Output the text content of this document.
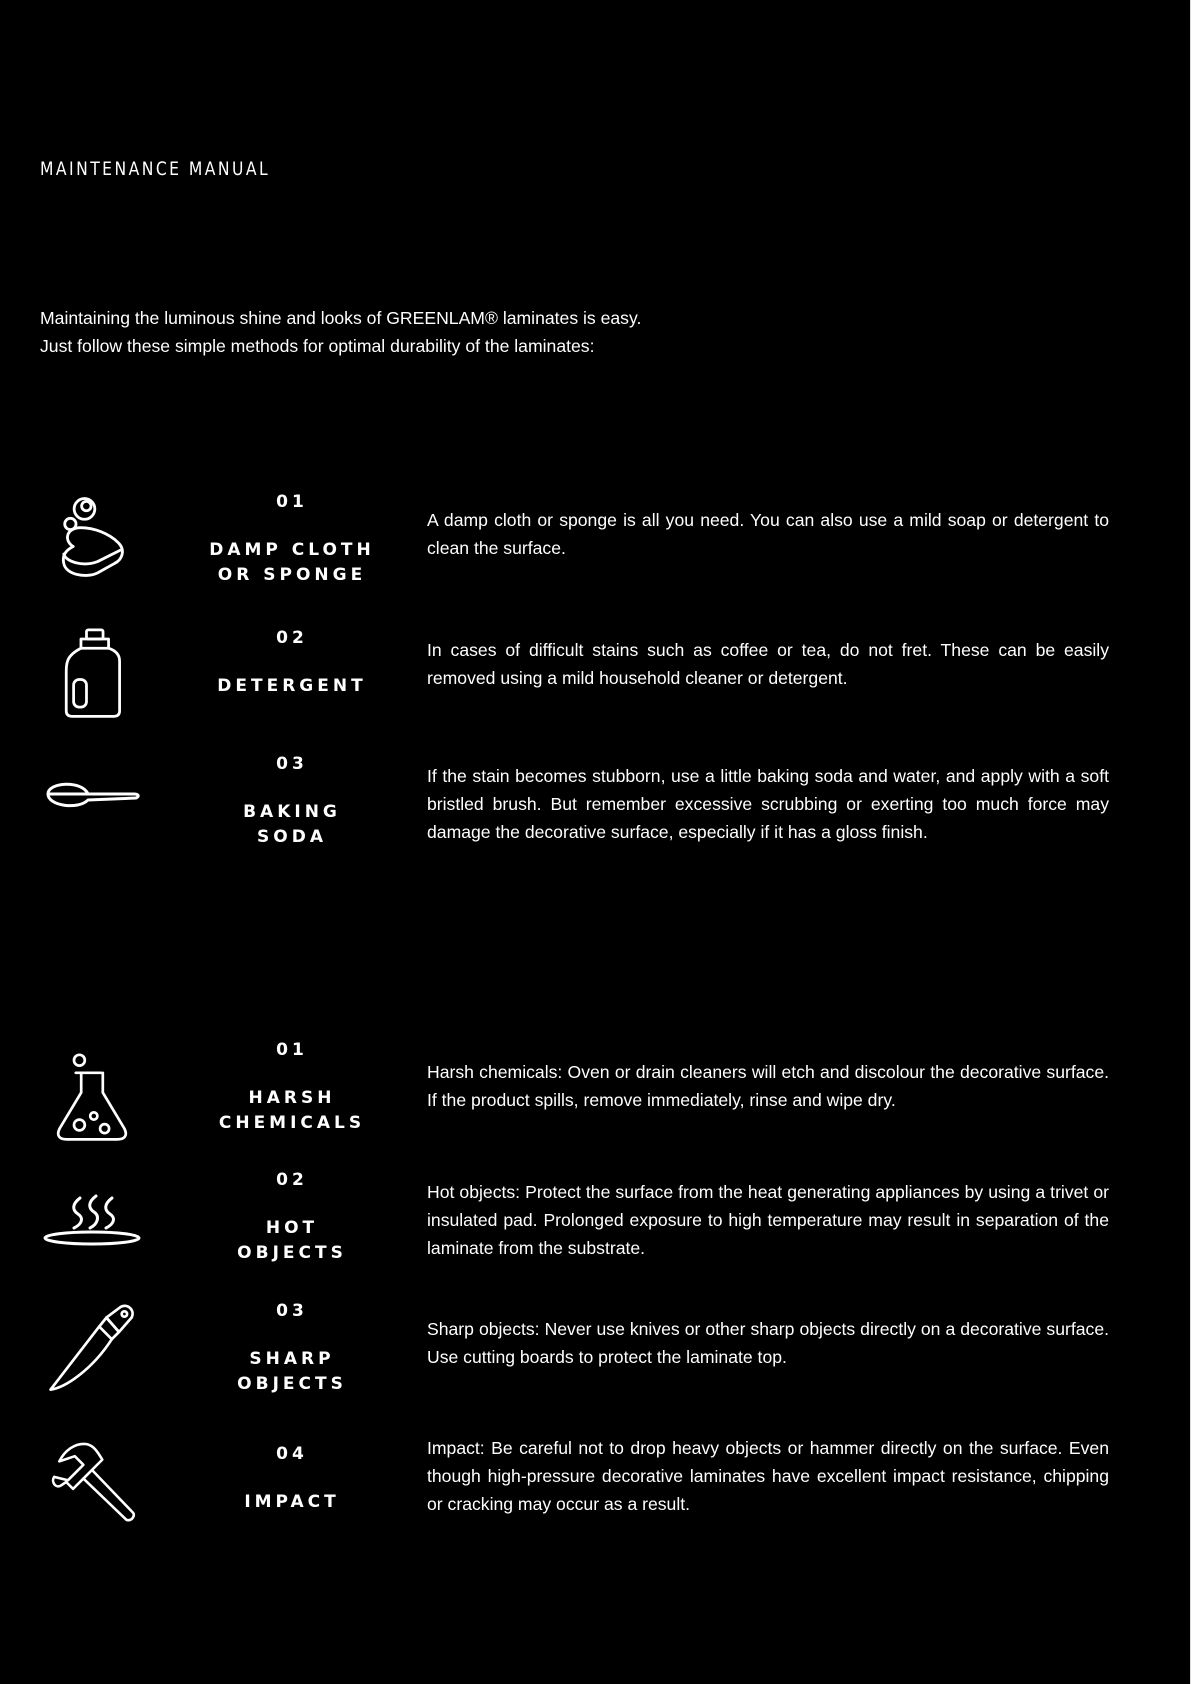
MAINTENANCE MANUAL

Maintaining the luminous shine and looks of GREENLAM® laminates is easy.

Just follow these simple methods for optimal durability of the laminates:

01
DAMP CLOTH
OR SPONGE
A damp cloth or sponge is all you need. You can also use a mild soap or detergent to clean the surface.
02
DETERGENT
In cases of difficult stains such as coffee or tea, do not fret. These can be easily removed using a mild household cleaner or detergent.
03
BAKING
SODA
If the stain becomes stubborn, use a little baking soda and water, and apply with a soft bristled brush. But remember excessive scrubbing or exerting too much force may damage the decorative surface, especially if it has a gloss finish.
01
HARSH
CHEMICALS
Harsh chemicals: Oven or drain cleaners will etch and discolour the decorative surface. If the product spills, remove immediately, rinse and wipe dry.
02
HOT
OBJECTS
Hot objects: Protect the surface from the heat generating appliances by using a trivet or insulated pad. Prolonged exposure to high temperature may result in separation of the laminate from the substrate.
03
SHARP
OBJECTS
Sharp objects: Never use knives or other sharp objects directly on a decorative surface. Use cutting boards to protect the laminate top.
04
IMPACT
Impact: Be careful not to drop heavy objects or hammer directly on the surface. Even though high-pressure decorative laminates have excellent impact resistance, chipping or cracking may occur as a result.
